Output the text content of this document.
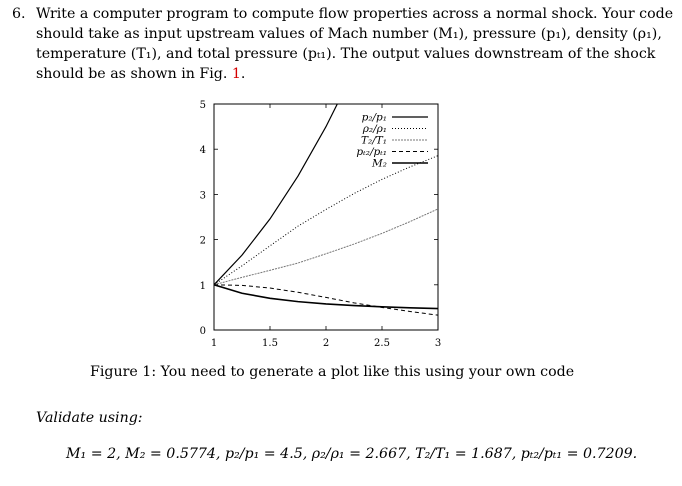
6. Write a computer program to compute flow properties across a normal shock. Your code
should take as input upstream values of Mach number (M₁), pressure (p₁), density (ρ₁),
temperature (T₁), and total pressure (pₜ₁). The output values downstream of the shock
should be as shown in Fig. 1.
1	1.5	2	2.5	3
0
1
2
3
4
5
p₂/p₁
ρ₂/ρ₁
T₂/T₁
pₜ₂/pₜ₁
M₂
Figure 1: You need to generate a plot like this using your own code
Validate using:
M₁ = 2, M₂ = 0.5774, p₂/p₁ = 4.5, ρ₂/ρ₁ = 2.667, T₂/T₁ = 1.687, pₜ₂/pₜ₁ = 0.7209.
